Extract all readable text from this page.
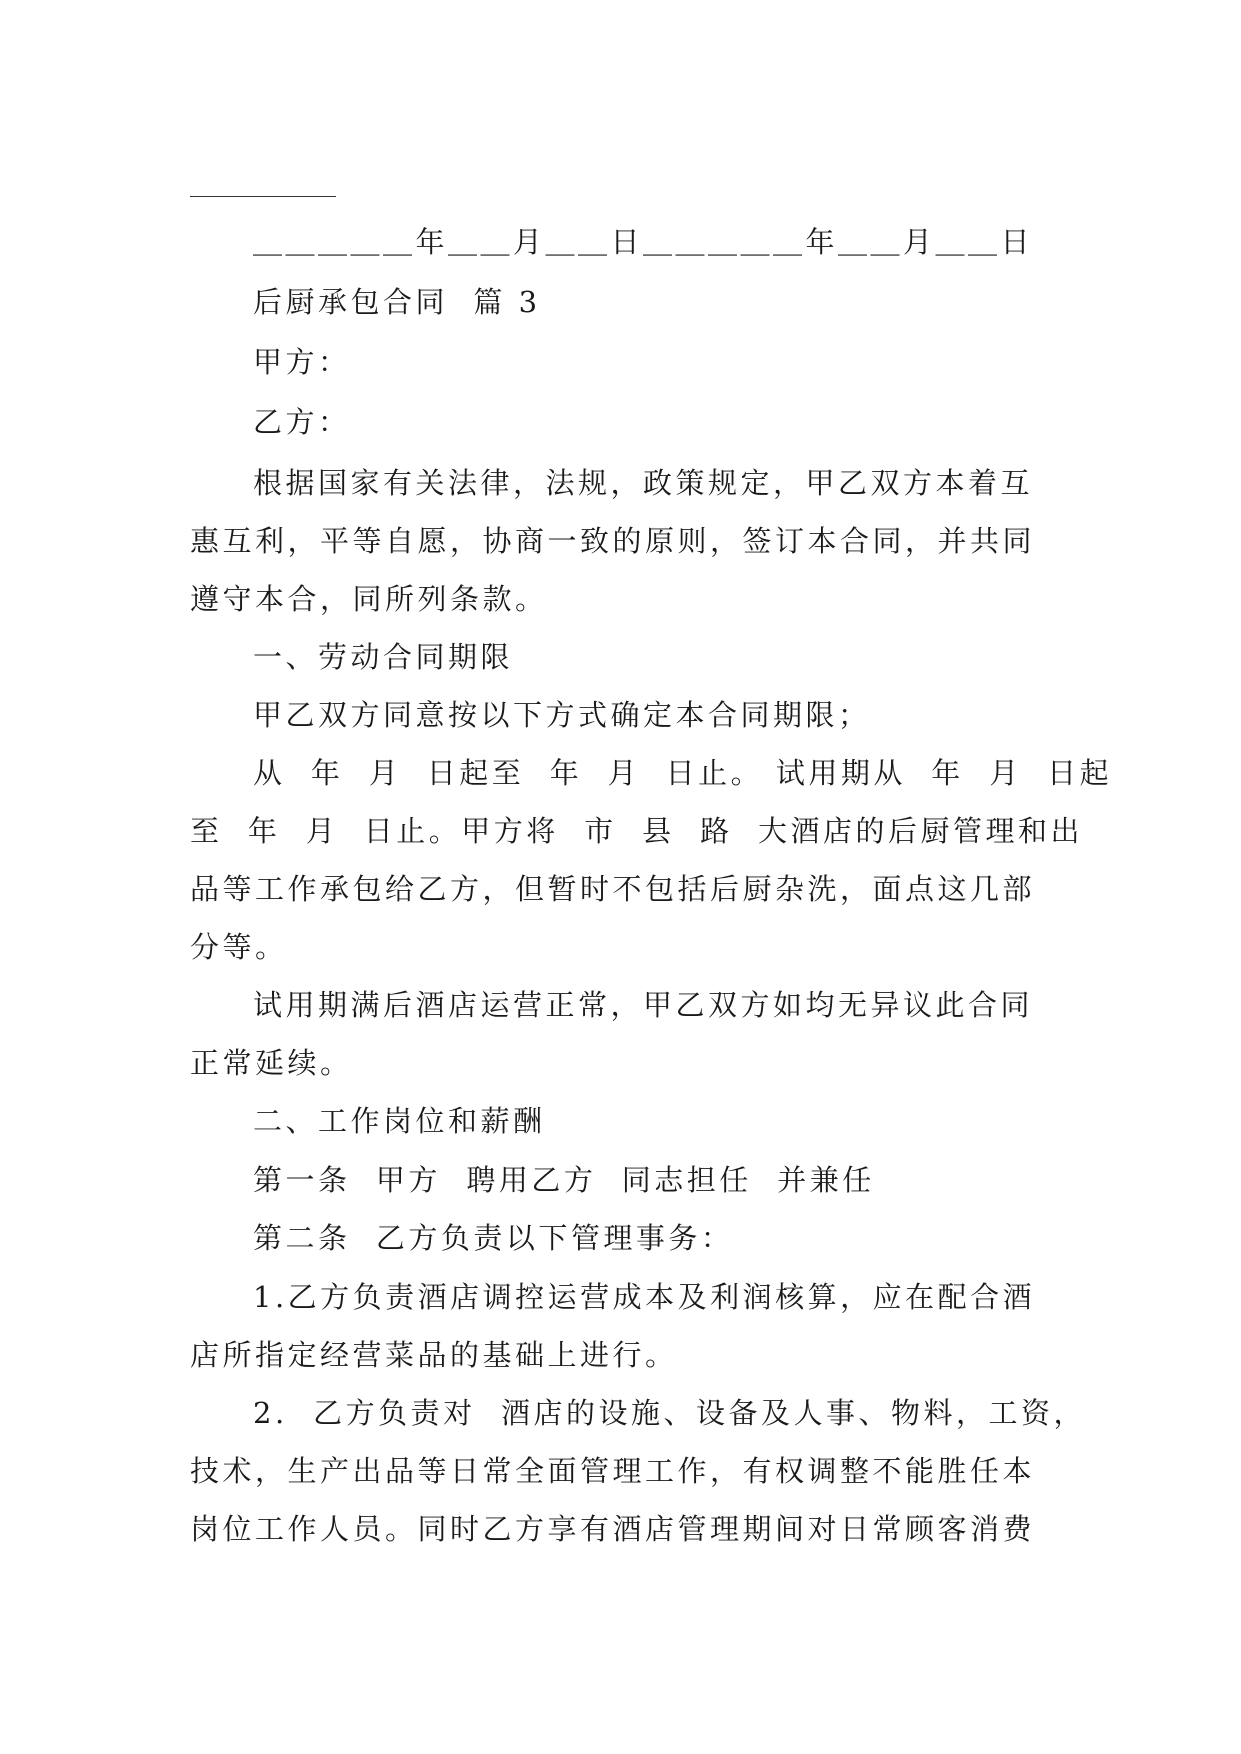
＿＿＿＿＿年＿＿月＿＿日＿＿＿＿＿年＿＿月＿＿日
后厨承包合同  篇 3
甲方：
乙方：
根据国家有关法律，法规，政策规定，甲乙双方本着互
惠互利，平等自愿，协商一致的原则，签订本合同，并共同
遵守本合，同所列条款。
一、劳动合同期限
甲乙双方同意按以下方式确定本合同期限；
从  年  月  日起至  年  月  日止。 试用期从  年  月  日起
至  年  月  日止。甲方将  市  县  路  大酒店的后厨管理和出
品等工作承包给乙方，但暂时不包括后厨杂洗，面点这几部
分等。
试用期满后酒店运营正常，甲乙双方如均无异议此合同
正常延续。
二、工作岗位和薪酬
第一条  甲方  聘用乙方  同志担任  并兼任
第二条  乙方负责以下管理事务：
1.乙方负责酒店调控运营成本及利润核算，应在配合酒
店所指定经营菜品的基础上进行。
2.  乙方负责对  酒店的设施、设备及人事、物料，工资，
技术，生产出品等日常全面管理工作，有权调整不能胜任本
岗位工作人员。同时乙方享有酒店管理期间对日常顾客消费
